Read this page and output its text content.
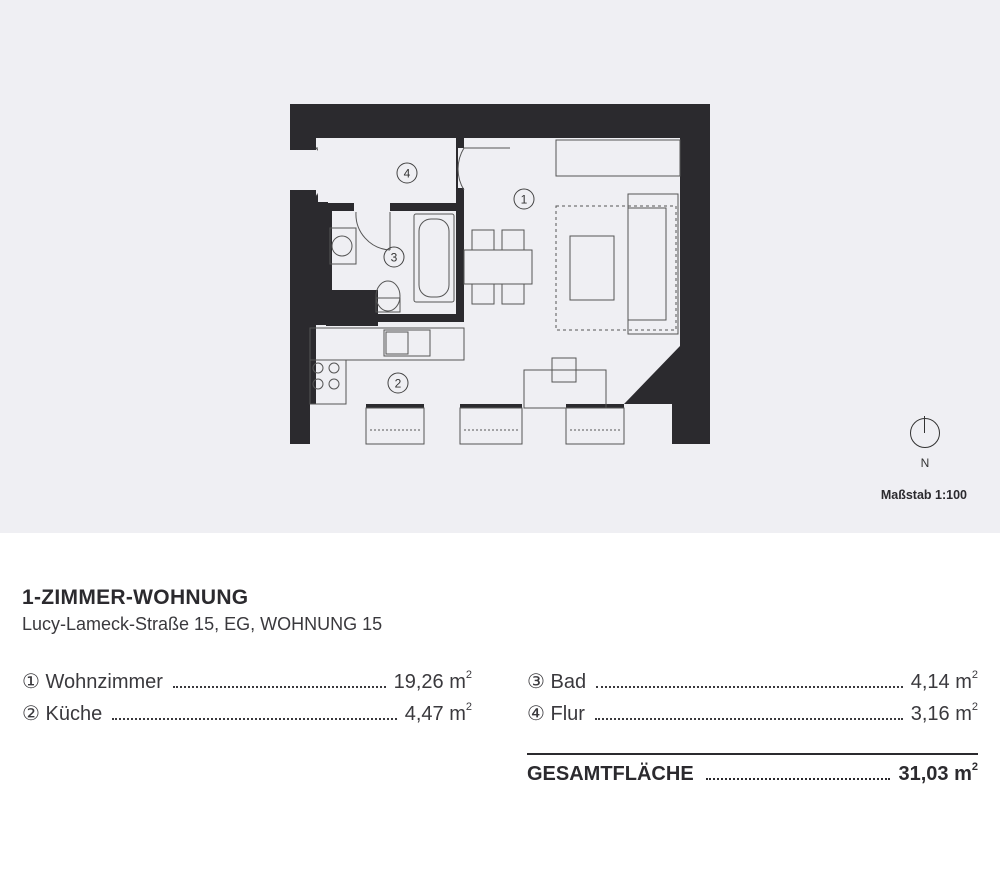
1
2
3
4
N
Maßstab 1:100
1-ZIMMER-WOHNUNG
Lucy-Lameck-Straße 15, EG, WOHNUNG 15
① Wohnzimmer	19,26 $m^2$
② Küche	4,47 $m^2$
③ Bad	4,14 $m^2$
④ Flur	3,16 $m^2$
GESAMTFLÄCHE	31,03 $m^2$
